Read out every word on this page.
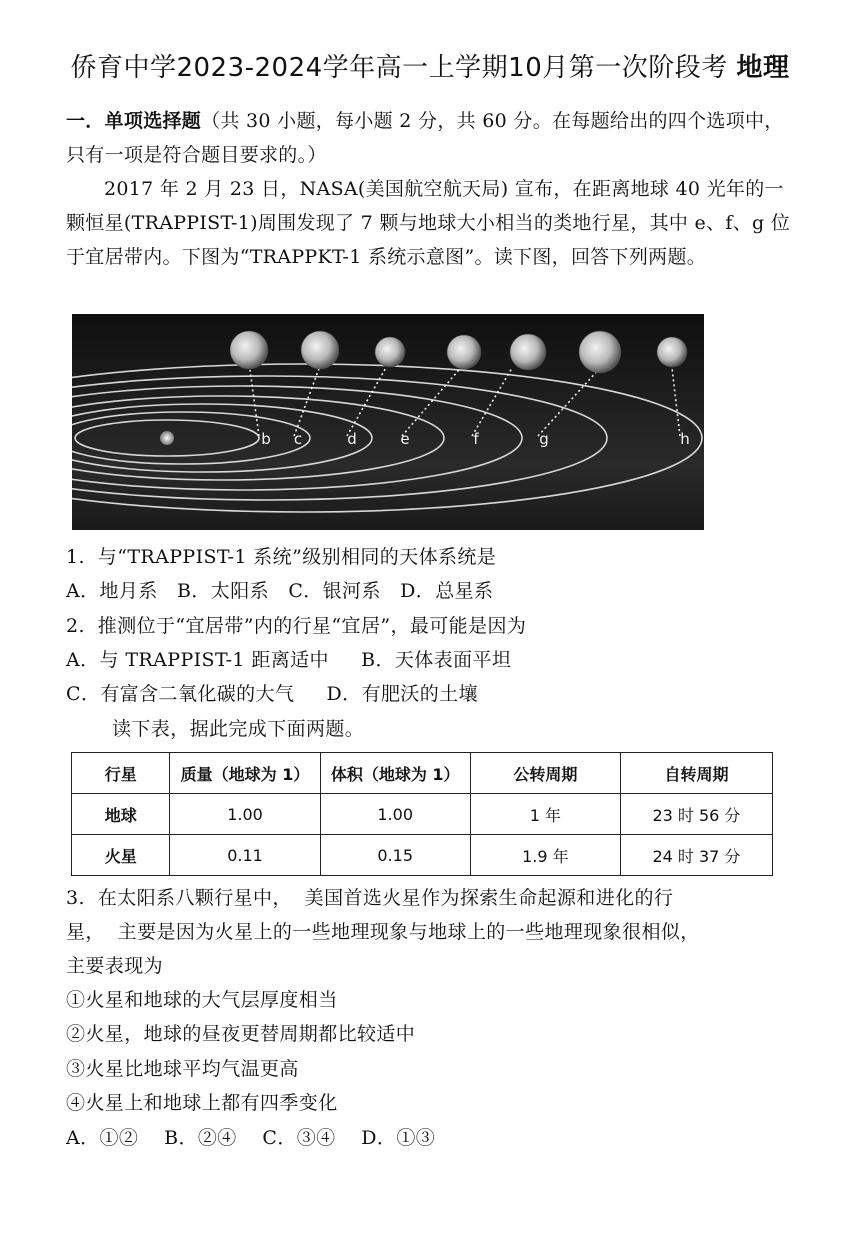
侨育中学2023-2024学年高一上学期10月第一次阶段考 地理
一．单项选择题（共 30 小题，每小题 2 分，共 60 分。在每题给出的四个选项中，只有一项是符合题目要求的。）
2017 年 2 月 23 日，NASA(美国航空航天局) 宣布，在距离地球 40 光年的一颗恒星(TRAPPIST-1)周围发现了 7 颗与地球大小相当的类地行星，其中 e、f、g 位于宜居带内。下图为“TRAPPKT-1 系统示意图”。读下图，回答下列两题。
b c	d	e	f	g	h
1.  与“TRAPPIST-1 系统”级别相同的天体系统是
A．地月系   B．太阳系   C．银河系   D．总星系
2.  推测位于“宜居带”内的行星“宜居”，最可能是因为
A．与 TRAPPIST-1 距离适中     B．天体表面平坦
C．有富含二氧化碳的大气     D．有肥沃的土壤
读下表，据此完成下面两题。
行星	质量（地球为 1）	体积（地球为 1）	公转周期	自转周期
地球	1.00	1.00	1 年	23 时 56 分
火星	0.11	0.15	1.9 年	24 时 37 分
3.  在太阳系八颗行星中，  美国首选火星作为探索生命起源和进化的行
星，  主要是因为火星上的一些地理现象与地球上的一些地理现象很相似，
主要表现为
①火星和地球的大气层厚度相当
②火星，地球的昼夜更替周期都比较适中
③火星比地球平均气温更高
④火星上和地球上都有四季变化
A．①②    B．②④    C．③④    D．①③
